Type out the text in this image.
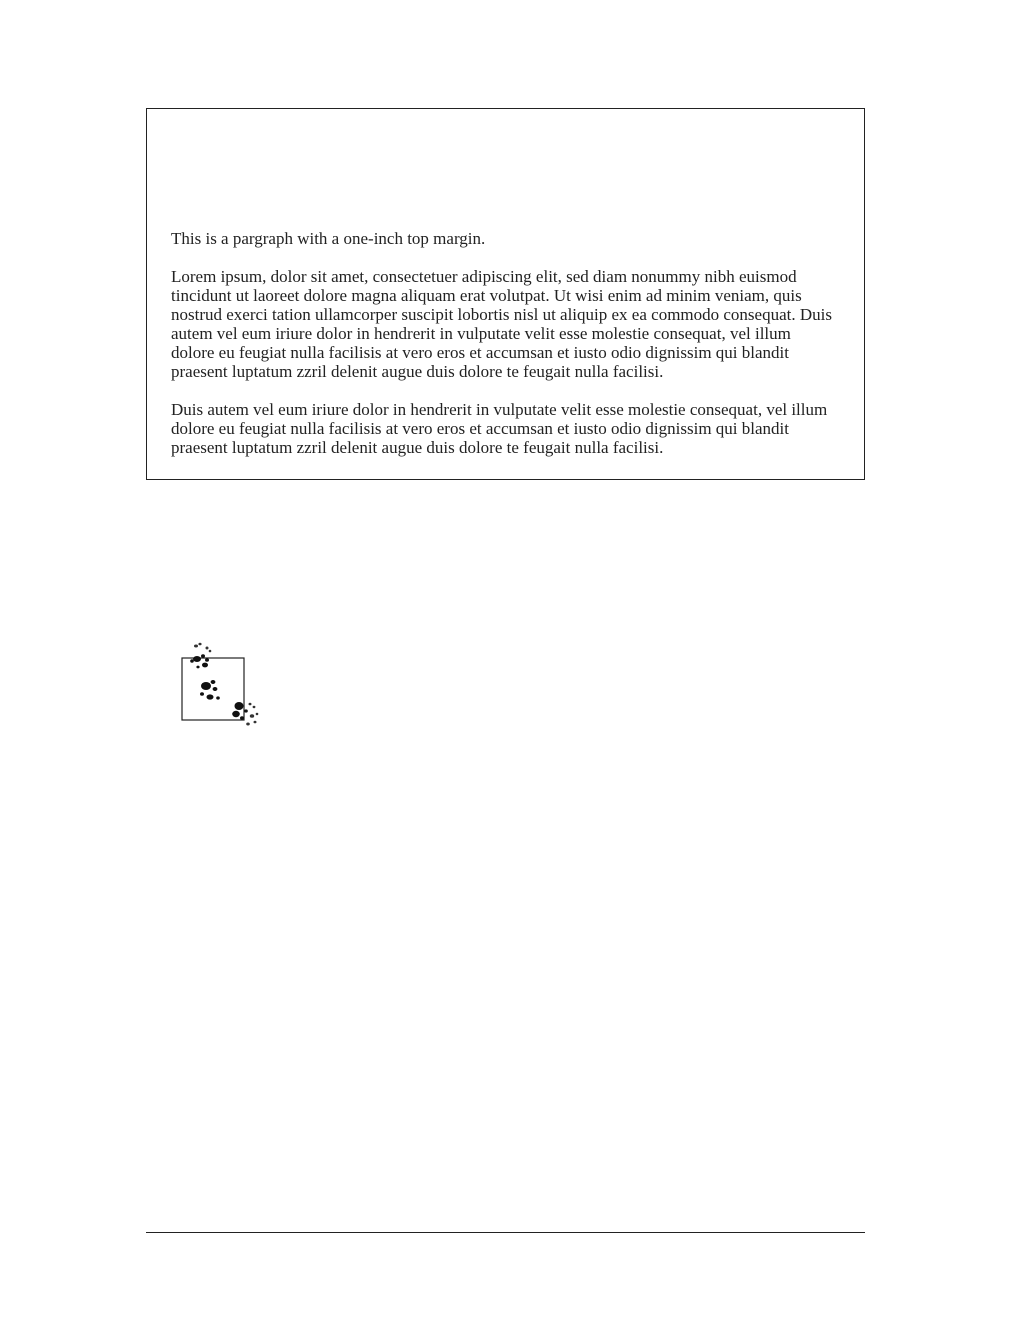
This is a pargraph with a one-inch top margin.

Lorem ipsum, dolor sit amet, consectetuer adipiscing elit, sed diam nonummy nibh euismod tincidunt ut laoreet dolore magna aliquam erat volutpat. Ut wisi enim ad minim veniam, quis nostrud exerci tation ullamcorper suscipit lobortis nisl ut aliquip ex ea commodo consequat. Duis autem vel eum iriure dolor in hendrerit in vulputate velit esse molestie consequat, vel illum dolore eu feugiat nulla facilisis at vero eros et accumsan et iusto odio dignissim qui blandit praesent luptatum zzril delenit augue duis dolore te feugait nulla facilisi.

Duis autem vel eum iriure dolor in hendrerit in vulputate velit esse molestie consequat, vel illum dolore eu feugiat nulla facilisis at vero eros et accumsan et iusto odio dignissim qui blandit praesent luptatum zzril delenit augue duis dolore te feugait nulla facilisi.
